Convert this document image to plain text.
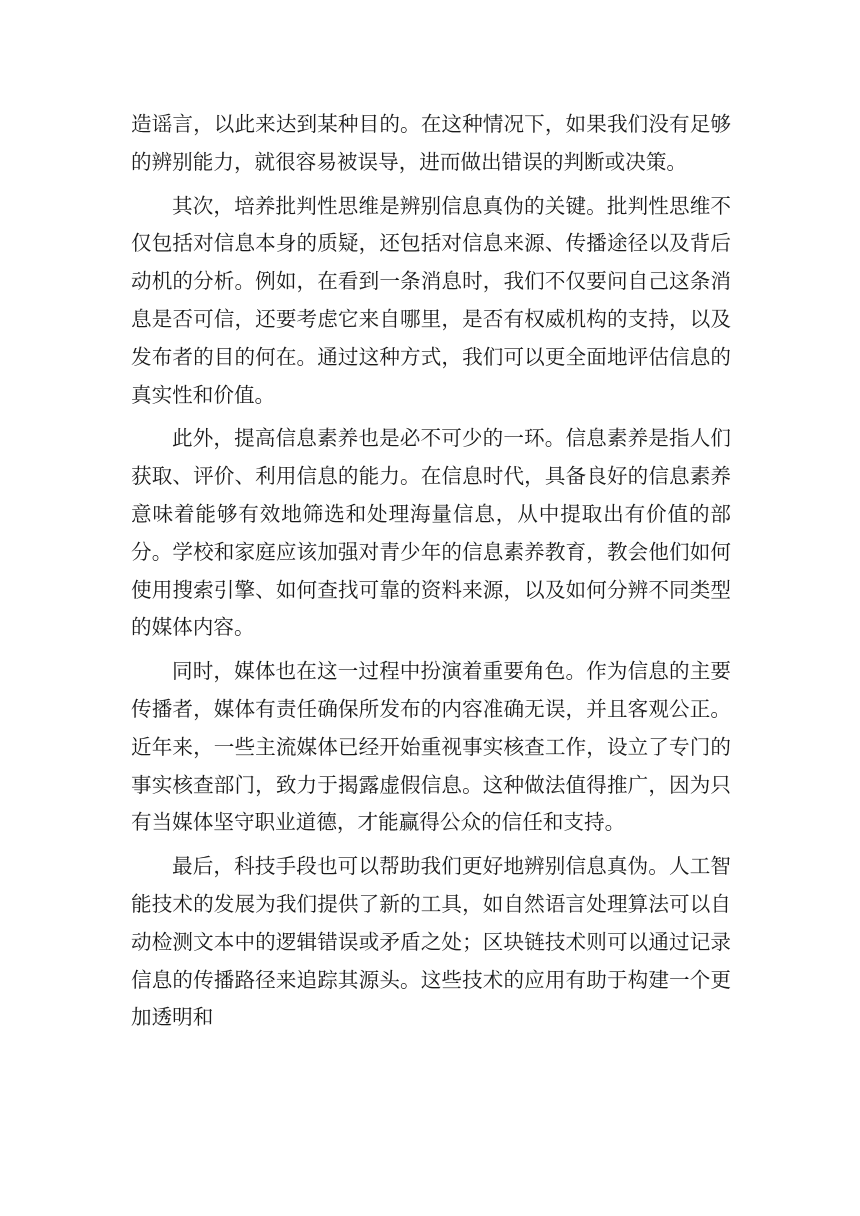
造谣言，以此来达到某种目的。在这种情况下，如果我们没有足够的辨别能力，就很容易被误导，进而做出错误的判断或决策。

其次，培养批判性思维是辨别信息真伪的关键。批判性思维不仅包括对信息本身的质疑，还包括对信息来源、传播途径以及背后动机的分析。例如，在看到一条消息时，我们不仅要问自己这条消息是否可信，还要考虑它来自哪里，是否有权威机构的支持，以及发布者的目的何在。通过这种方式，我们可以更全面地评估信息的真实性和价值。

此外，提高信息素养也是必不可少的一环。信息素养是指人们获取、评价、利用信息的能力。在信息时代，具备良好的信息素养意味着能够有效地筛选和处理海量信息，从中提取出有价值的部分。学校和家庭应该加强对青少年的信息素养教育，教会他们如何使用搜索引擎、如何查找可靠的资料来源，以及如何分辨不同类型的媒体内容。

同时，媒体也在这一过程中扮演着重要角色。作为信息的主要传播者，媒体有责任确保所发布的内容准确无误，并且客观公正。近年来，一些主流媒体已经开始重视事实核查工作，设立了专门的事实核查部门，致力于揭露虚假信息。这种做法值得推广，因为只有当媒体坚守职业道德，才能赢得公众的信任和支持。

最后，科技手段也可以帮助我们更好地辨别信息真伪。人工智能技术的发展为我们提供了新的工具，如自然语言处理算法可以自动检测文本中的逻辑错误或矛盾之处；区块链技术则可以通过记录信息的传播路径来追踪其源头。这些技术的应用有助于构建一个更加透明和
